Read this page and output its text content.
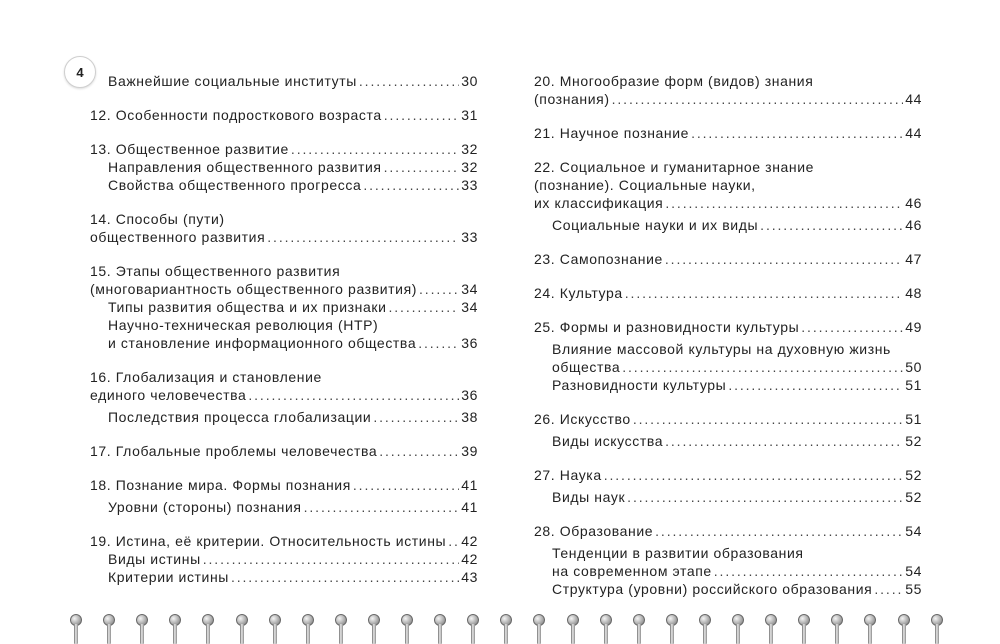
4
Важнейшие социальные институты . . .	30
12. Особенности подросткового возраста . . .	31
13. Общественное развитие . . .	32
Направления общественного развития . . .	32
Свойства общественного прогресса . . .	33
14. Способы (пути)
общественного развития . . .	33
15. Этапы общественного развития
(многовариантность общественного развития) . . .	34
Типы развития общества и их признаки . . .	34
Научно-техническая революция (НТР)
и становление информационного общества . . .	36
16. Глобализация и становление
единого человечества . . .	36
Последствия процесса глобализации . . .	38
17. Глобальные проблемы человечества . . .	39
18. Познание мира. Формы познания . . .	41
Уровни (стороны) познания . . .	41
19. Истина, её критерии. Относительность истины . . . 42
Виды истины . . .	42
Критерии истины . . .	43
20. Многообразие форм (видов) знания
(познания) . . .	44
21. Научное познание . . .	44
22. Социальное и гуманитарное знание
(познание). Социальные науки,
их классификация . . .	46
Социальные науки и их виды . . .	46
23. Самопознание . . .	47
24. Культура . . .	48
25. Формы и разновидности культуры . . .	49
Влияние массовой культуры на духовную жизнь
общества . . .	50
Разновидности культуры . . .	51
26. Искусство . . .	51
Виды искусства . . .	52
27. Наука . . .	52
Виды наук . . .	52
28. Образование . . .	54
Тенденции в развитии образования
на современном этапе . . .	54
Структура (уровни) российского образования . . . 55
